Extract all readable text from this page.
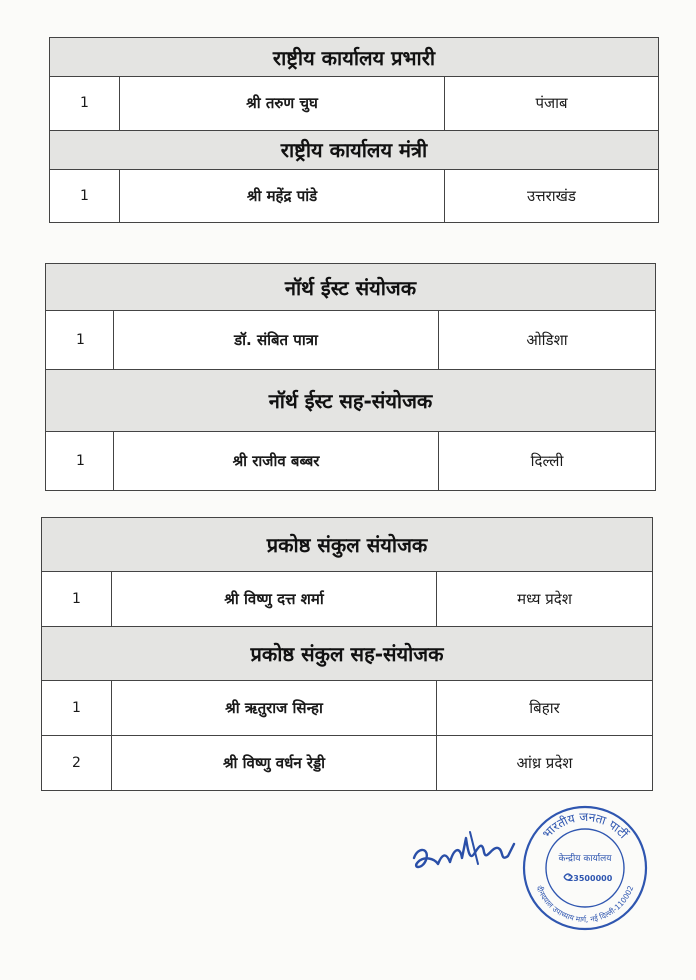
राष्ट्रीय कार्यालय प्रभारी		
1	श्री तरुण चुघ	पंजाब
राष्ट्रीय कार्यालय मंत्री		
1	श्री महेंद्र पांडे	उत्तराखंड
नॉर्थ ईस्ट संयोजक		
1	डॉ. संबित पात्रा	ओडिशा
नॉर्थ ईस्ट सह-संयोजक		
1	श्री राजीव बब्बर	दिल्ली
प्रकोष्ठ संकुल संयोजक		
1	श्री विष्णु दत्त शर्मा	मध्य प्रदेश
प्रकोष्ठ संकुल सह-संयोजक		
1	श्री ऋतुराज सिन्हा	बिहार
2	श्री विष्णु वर्धन रेड्डी	आंध्र प्रदेश
भारतीय जनता पार्टी
दीनदयाल उपाध्याय मार्ग, नई दिल्ली-110002
केन्द्रीय कार्यालय
23500000
